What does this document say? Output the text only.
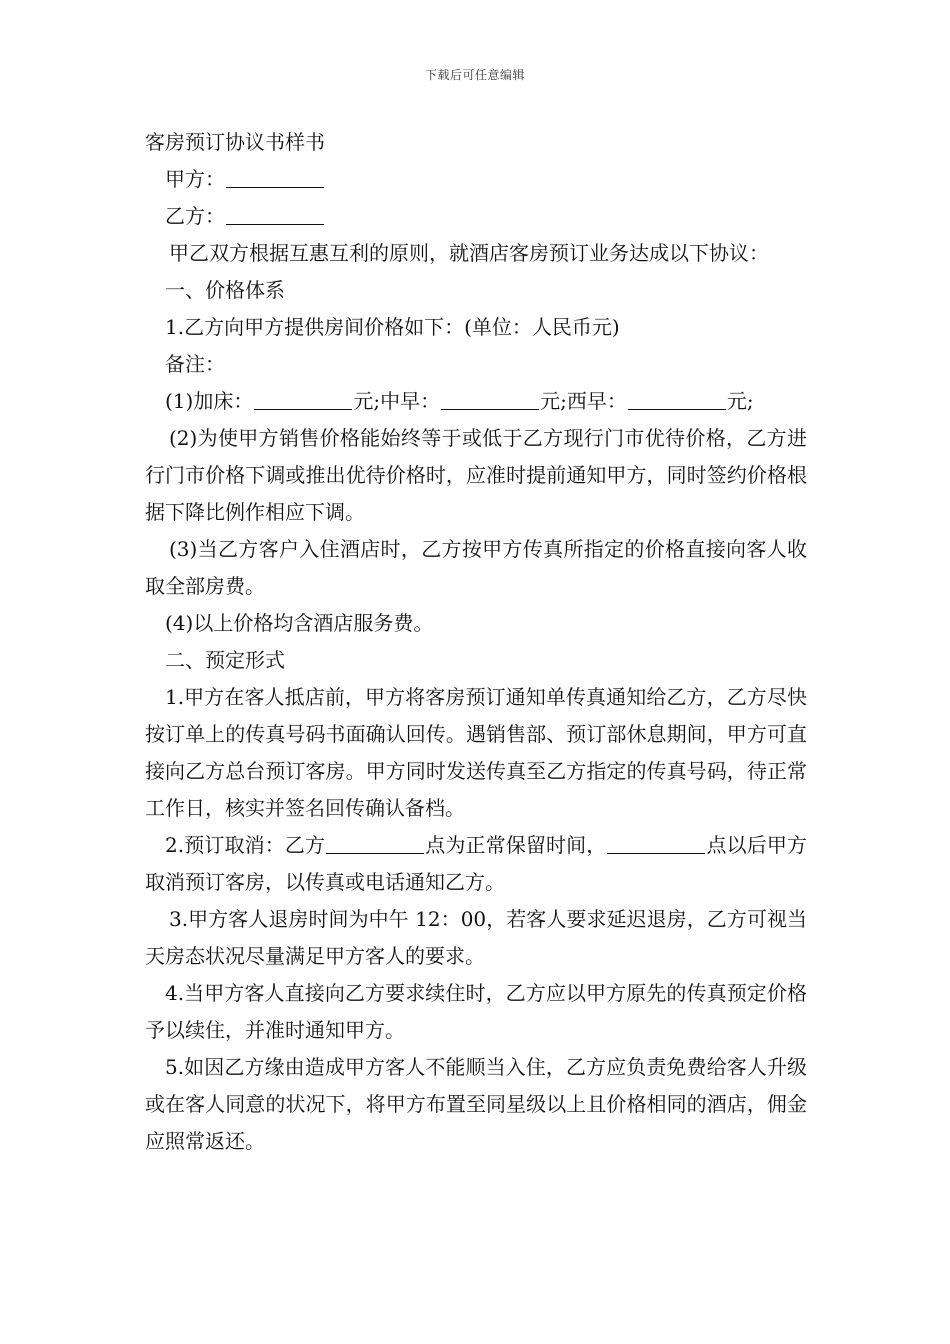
下载后可任意编辑
客房预订协议书样书
甲方：
乙方：
甲乙双方根据互惠互利的原则，就酒店客房预订业务达成以下协议：
一、价格体系
1.乙方向甲方提供房间价格如下：(单位：人民币元)
备注：
(1)加床：	元;中早：	元;西早：	元;
(2)为使甲方销售价格能始终等于或低于乙方现行门市优待价格，乙方进行门市价格下调或推出优待价格时，应准时提前通知甲方，同时签约价格根据下降比例作相应下调。
(3)当乙方客户入住酒店时，乙方按甲方传真所指定的价格直接向客人收取全部房费。
(4)以上价格均含酒店服务费。
二、预定形式
1.甲方在客人抵店前，甲方将客房预订通知单传真通知给乙方，乙方尽快按订单上的传真号码书面确认回传。遇销售部、预订部休息期间，甲方可直接向乙方总台预订客房。甲方同时发送传真至乙方指定的传真号码，待正常工作日，核实并签名回传确认备档。
2.预订取消：乙方	点为正常保留时间，	点以后甲方取消预订客房，以传真或电话通知乙方。
3.甲方客人退房时间为中午 12：00，若客人要求延迟退房，乙方可视当天房态状况尽量满足甲方客人的要求。
4.当甲方客人直接向乙方要求续住时，乙方应以甲方原先的传真预定价格予以续住，并准时通知甲方。
5.如因乙方缘由造成甲方客人不能顺当入住，乙方应负责免费给客人升级或在客人同意的状况下，将甲方布置至同星级以上且价格相同的酒店，佣金应照常返还。
